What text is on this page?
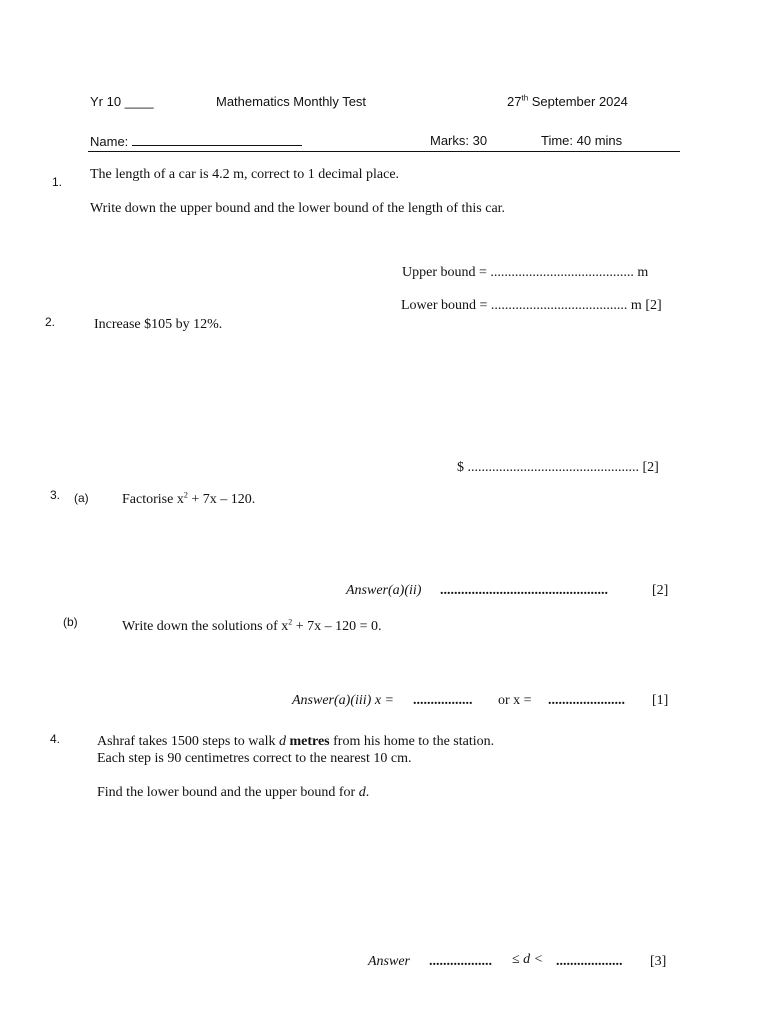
Yr 10 ____	Mathematics Monthly Test	27th September 2024
Name:	Marks: 30	Time: 40 mins
1. The length of a car is 4.2 m, correct to 1 decimal place.
Write down the upper bound and the lower bound of the length of this car.
Upper bound = ......................................... m
Lower bound = ....................................... m [2]
2.	Increase $105 by 12%.
$ ................................................. [2]
3. (a) Factorise $x^2 + 7x - 120$.
Answer(a)(ii) ................................................	[2]
(b)	Write down the solutions of $x^2 + 7x - 120 = 0$.
Answer(a)(iii) x = ................. or x = ...................... [1]
4.	Ashraf takes 1500 steps to walk d metres from his home to the station.
Each step is 90 centimetres correct to the nearest 10 cm.
Find the lower bound and the upper bound for d.
Answer .................. ≤ d < ................... [3]
